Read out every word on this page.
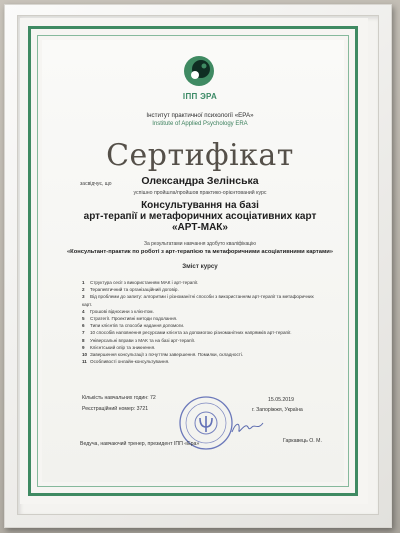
ІПП ЭРА
Інститут практичної психології «ЕРА»
Institute of Applied Psychology ERA
Сертифікат
засвідчує, що	Олександра Зелінська
успішно пройшла/пройшов практико-орієнтований курс
Консультування на базі
арт-терапії и метафоричних асоціативних карт
«АРТ-МАК»
За результатами навчання здобуто кваліфікацію
«Консультант-практик по роботі з арт-терапією та метафоричними асоціативними картами»
Зміст курсу
1 Структура сесії з використанням МАК і арт-терапії.
2 Терапевтичний та організаційний договір.
3 Від проблеми до запиту: алгоритми і різноманітні способи з використанням арт-терапії та метафоричних карт.
4 Грошові відносини з клієнтом.
5 Стратегії. Проективні методи подолання.
6 Типи клієнтів та способи надання допомоги.
7 10 способів наповнення ресурсами клієнта за допомогою різноманітних напрямків арт-терапії.
8 Універсальні вправи з МАК та на базі арт-терапії.
9 Клієнтський опір та зникнення.
10 Завершення консультації з почуттям завершення. Помилки, складності.
11 Особливості онлайн-консультування.
Кількість навчальних годин: 72
Реєстраційний номер: 3721
15.05.2019
г. Запоріжжя, Україна
Ведуча, навчаючий тренер, президент ІПП «Ера»	Гаркавець О. М.
